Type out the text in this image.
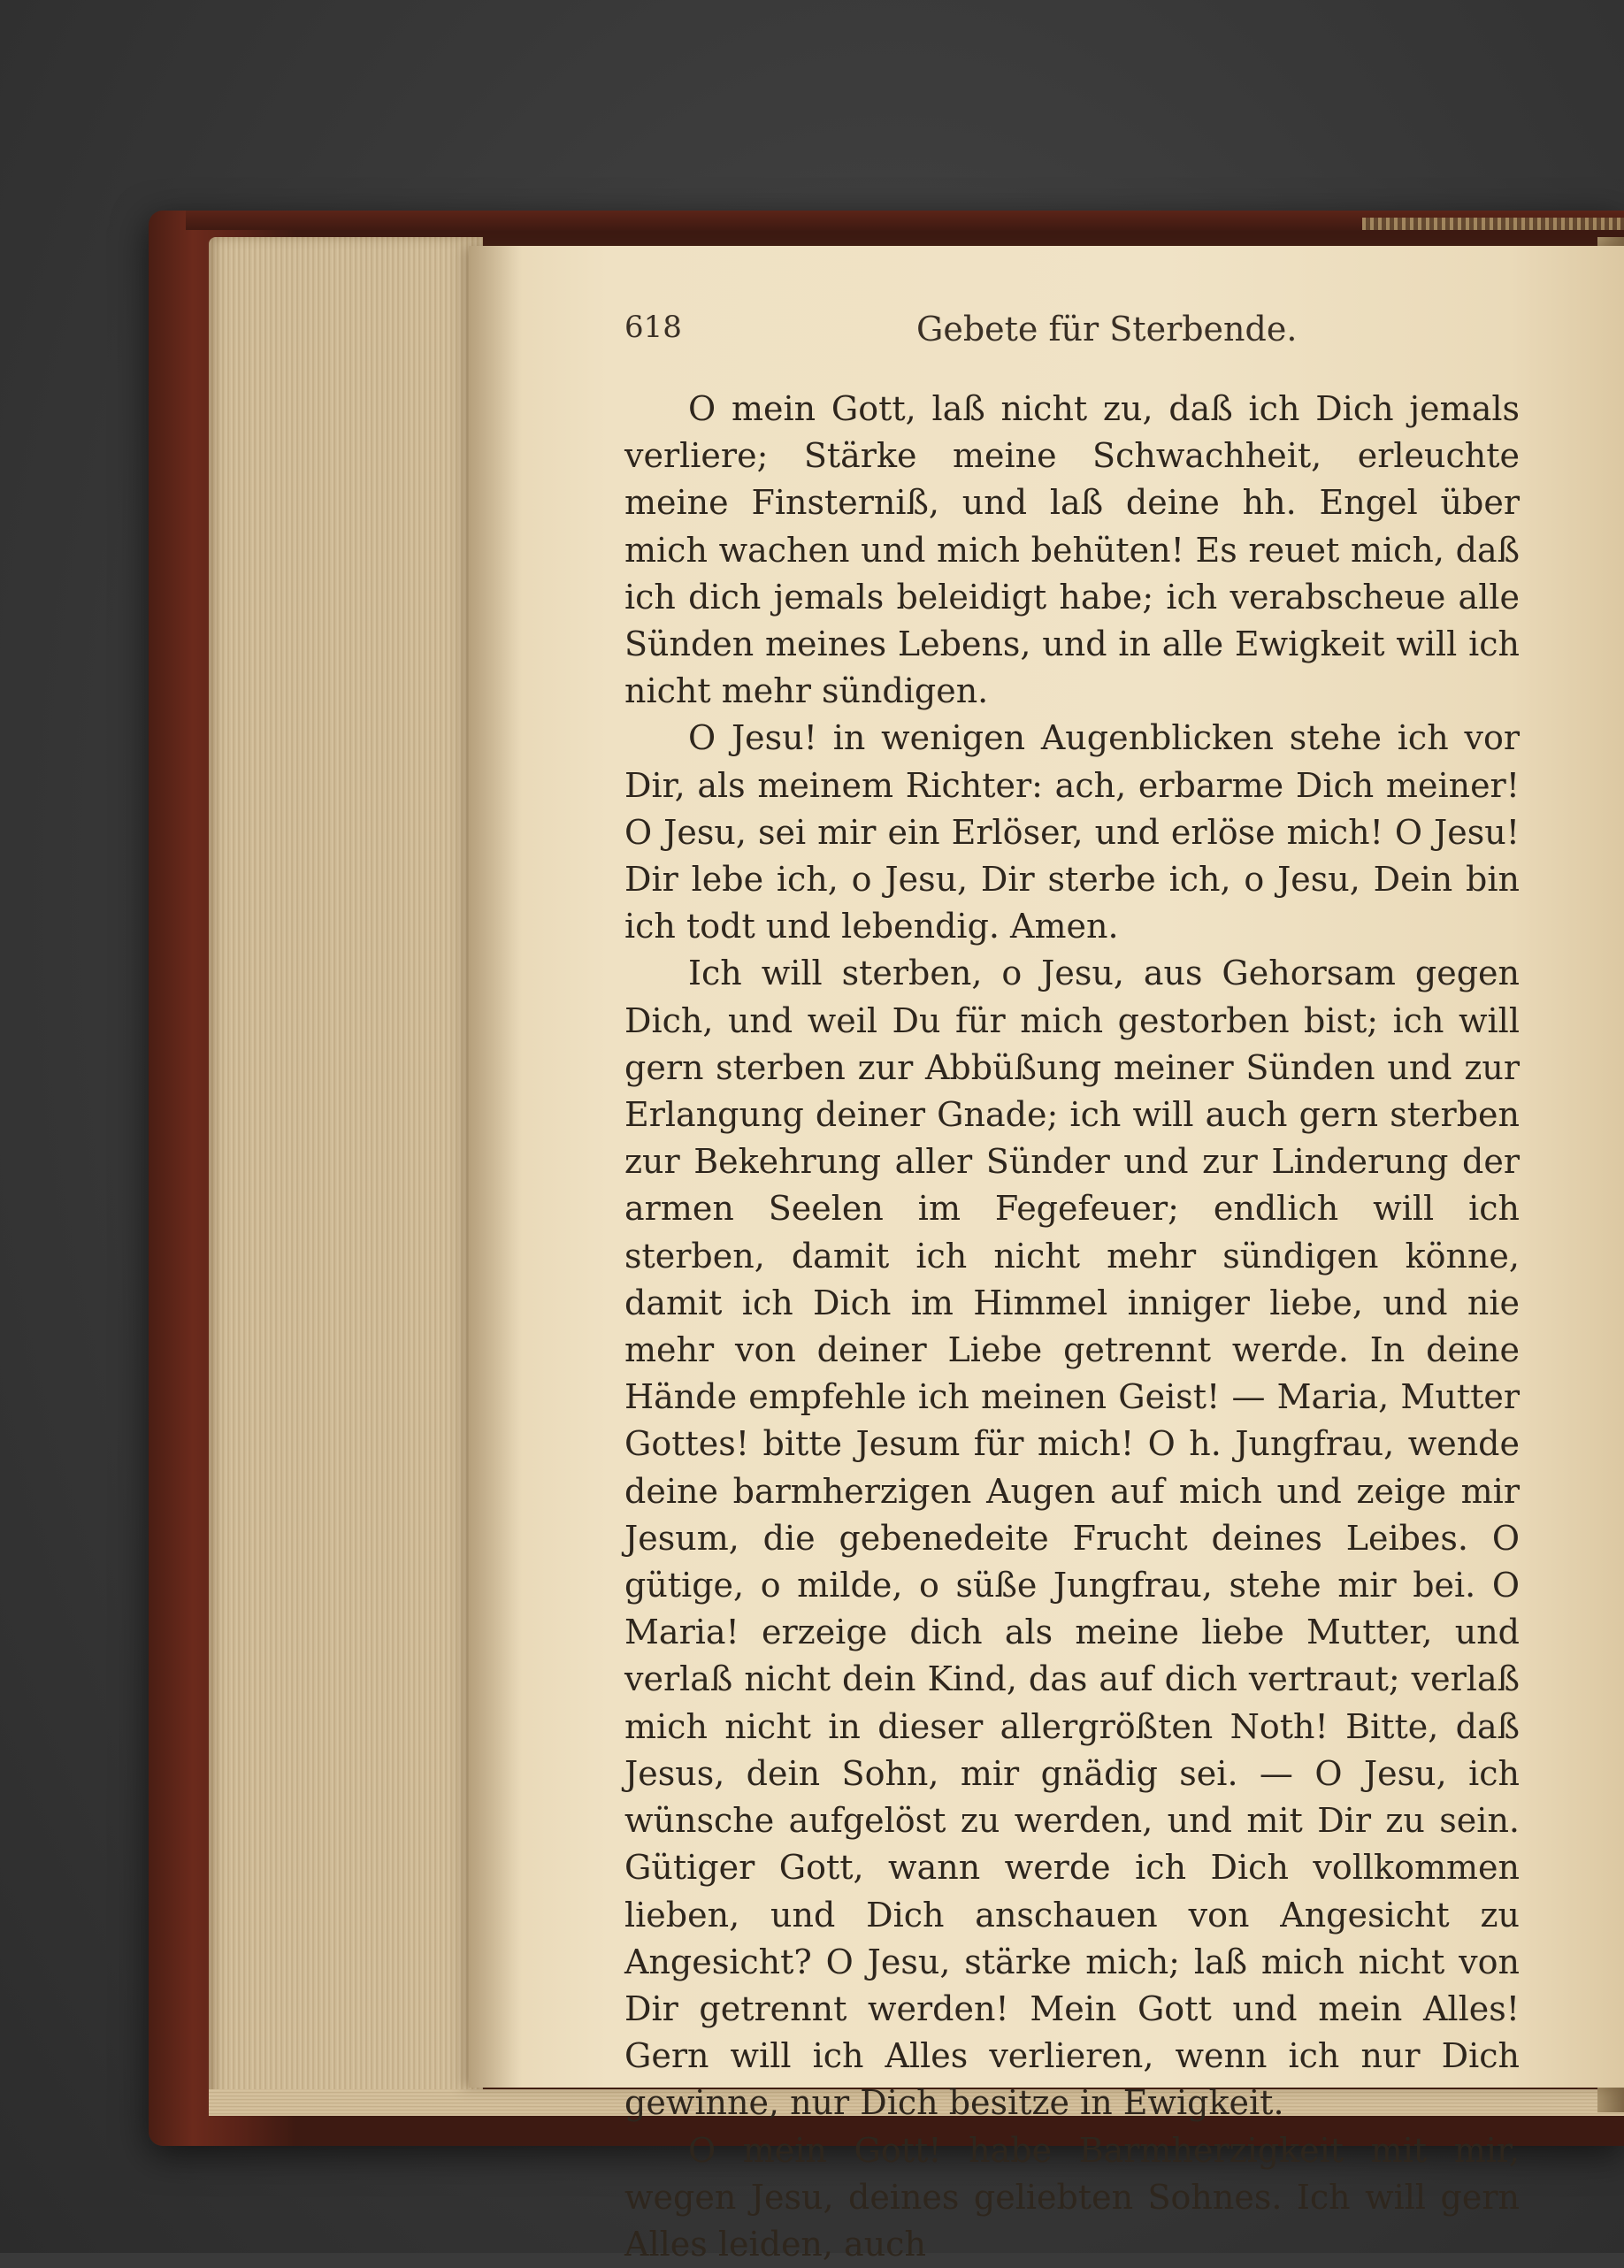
618	Gebete für Sterbende.

O mein Gott, laß nicht zu, daß ich Dich jemals verliere; Stärke meine Schwachheit, erleuchte meine Finsterniß, und laß deine hh. Engel über mich wachen und mich behüten! Es reuet mich, daß ich dich jemals beleidigt habe; ich verabscheue alle Sünden meines Lebens, und in alle Ewigkeit will ich nicht mehr sündigen.

O Jesu! in wenigen Augenblicken stehe ich vor Dir, als meinem Richter: ach, erbarme Dich meiner! O Jesu, sei mir ein Erlöser, und erlöse mich! O Jesu! Dir lebe ich, o Jesu, Dir sterbe ich, o Jesu, Dein bin ich todt und lebendig. Amen.

Ich will sterben, o Jesu, aus Gehorsam gegen Dich, und weil Du für mich gestorben bist; ich will gern sterben zur Abbüßung meiner Sünden und zur Erlangung deiner Gnade; ich will auch gern sterben zur Bekehrung aller Sünder und zur Linderung der armen Seelen im Fegefeuer; endlich will ich sterben, damit ich nicht mehr sündigen könne, damit ich Dich im Himmel inniger liebe, und nie mehr von deiner Liebe getrennt werde. In deine Hände empfehle ich meinen Geist! — Maria, Mutter Gottes! bitte Jesum für mich! O h. Jungfrau, wende deine barmherzigen Augen auf mich und zeige mir Jesum, die gebenedeite Frucht deines Leibes. O gütige, o milde, o süße Jungfrau, stehe mir bei. O Maria! erzeige dich als meine liebe Mutter, und verlaß nicht dein Kind, das auf dich vertraut; verlaß mich nicht in dieser allergrößten Noth! Bitte, daß Jesus, dein Sohn, mir gnädig sei. — O Jesu, ich wünsche aufgelöst zu werden, und mit Dir zu sein. Gütiger Gott, wann werde ich Dich vollkommen lieben, und Dich anschauen von Angesicht zu Angesicht? O Jesu, stärke mich; laß mich nicht von Dir getrennt werden! Mein Gott und mein Alles! Gern will ich Alles verlieren, wenn ich nur Dich gewinne, nur Dich besitze in Ewigkeit.

O mein Gott! habe Barmherzigkeit mit mir, wegen Jesu, deines geliebten Sohnes. Ich will gern Alles leiden, auch
